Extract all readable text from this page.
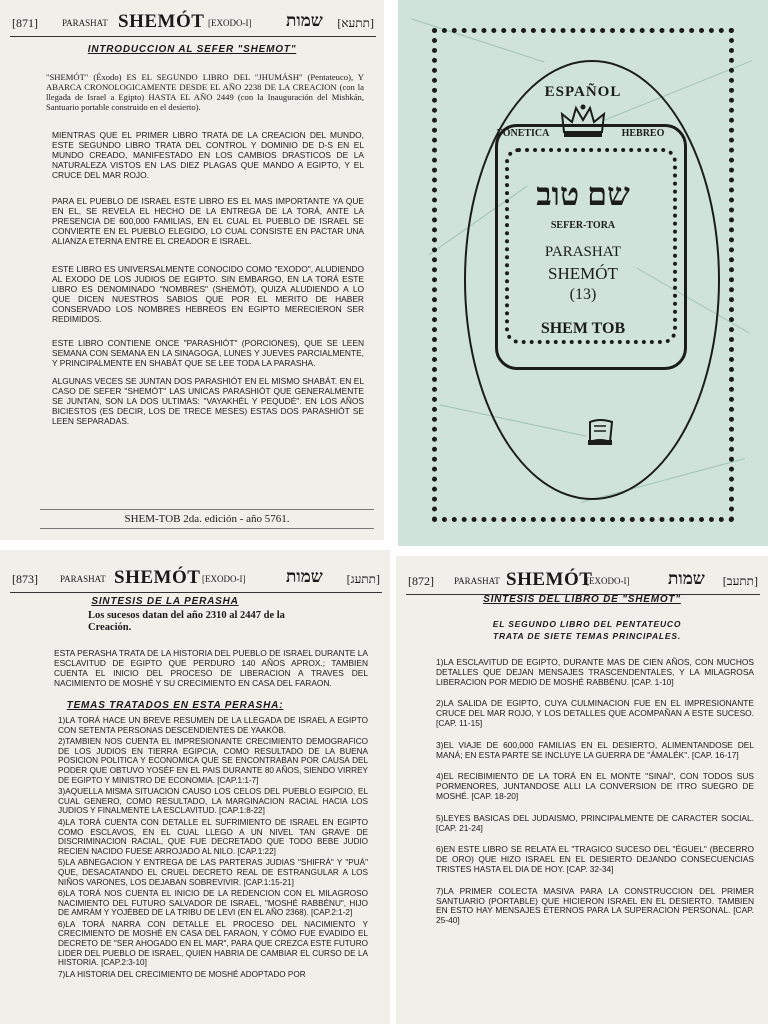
[871]	PARASHAT SHEMÓT [EXODO-I] שמות [תתעא]
INTRODUCCION AL SEFER "SHEMOT"
"SHEMÓT" (Éxodo) ES EL SEGUNDO LIBRO DEL "JHUMÁSH" (Pentateuco), Y ABARCA CRONOLOGICAMENTE DESDE EL AÑO 2238 DE LA CREACION (con la llegada de Israel a Egipto) HASTA EL AÑO 2449 (con la Inauguración del Mishkán, Santuario portable construido en el desierto).
MIENTRAS QUE EL PRIMER LIBRO TRATA DE LA CREACION DEL MUNDO, ESTE SEGUNDO LIBRO TRATA DEL CONTROL Y DOMINIO DE D-S EN EL MUNDO CREADO, MANIFESTADO EN LOS CAMBIOS DRASTICOS DE LA NATURALEZA VISTOS EN LAS DIEZ PLAGAS QUE MANDO A EGIPTO, Y EL CRUCE DEL MAR ROJO.
PARA EL PUEBLO DE ISRAEL ESTE LIBRO ES EL MAS IMPORTANTE YA QUE EN EL, SE REVELA EL HECHO DE LA ENTREGA DE LA TORÁ, ANTE LA PRESENCIA DE 600,000 FAMILIAS, EN EL CUAL EL PUEBLO DE ISRAEL SE CONVIERTE EN EL PUEBLO ELEGIDO, LO CUAL CONSISTE EN PACTAR UNA ALIANZA ETERNA ENTRE EL CREADOR E ISRAEL.
ESTE LIBRO ES UNIVERSALMENTE CONOCIDO COMO "EXODO", ALUDIENDO AL EXODO DE LOS JUDIOS DE EGIPTO. SIN EMBARGO, EN LA TORÁ ESTE LIBRO ES DENOMINADO "NOMBRES" (SHEMÓT), QUIZA ALUDIENDO A LO QUE DICEN NUESTROS SABIOS QUE POR EL MERITO DE HABER CONSERVADO LOS NOMBRES HEBREOS EN EGIPTO MERECIERON SER REDIMIDOS.
ESTE LIBRO CONTIENE ONCE "PARASHIÓT" (PORCIONES), QUE SE LEEN SEMANA CON SEMANA EN LA SINAGOGA, LUNES Y JUEVES PARCIALMENTE, Y PRINCIPALMENTE EN SHABÁT QUE SE LEE TODA LA PARASHA.
ALGUNAS VECES SE JUNTAN DOS PARASHIÓT EN EL MISMO SHABÁT. EN EL CASO DE SEFER "SHEMÓT" LAS UNICAS PARASHIÓT QUE GENERALMENTE SE JUNTAN, SON LA DOS ULTIMAS: "VAYAKHÉL Y PEQUDÉ". EN LOS AÑOS BICIESTOS (ES DECIR, LOS DE TRECE MESES) ESTAS DOS PARASHIÓT SE LEEN SEPARADAS.
SHEM-TOB 2da. edición - año 5761.
ESPAÑOL
FONETICA	HEBREO
שם טוב
SEFER-TORA
PARASHAT
SHEMÓT
(13)
SHEM TOB
[873] PARASHAT SHEMÓT [EXODO-I] שמות [תתעג]
SINTESIS DE LA PERASHA
Los sucesos datan del año 2310 al 2447 de la Creación.
ESTA PERASHA TRATA DE LA HISTORIA DEL PUEBLO DE ISRAEL DURANTE LA ESCLAVITUD DE EGIPTO QUE PERDURO 140 AÑOS APROX.; TAMBIEN CUENTA EL INICIO DEL PROCESO DE LIBERACION A TRAVES DEL NACIMIENTO DE MOSHÉ Y SU CRECIMIENTO EN CASA DEL FARAON.
TEMAS TRATADOS EN ESTA PERASHA:
1)LA TORÁ HACE UN BREVE RESUMEN DE LA LLEGADA DE ISRAEL A EGIPTO CON SETENTA PERSONAS DESCENDIENTES DE YAAKÓB.
2)TAMBIEN NOS CUENTA EL IMPRESIONANTE CRECIMIENTO DEMOGRAFICO DE LOS JUDIOS EN TIERRA EGIPCIA, COMO RESULTADO DE LA BUENA POSICION POLITICA Y ECONOMICA QUE SE ENCONTRABAN POR CAUSA DEL PODER QUE OBTUVO YOSÉF EN EL PAIS DURANTE 80 AÑOS, SIENDO VIRREY DE EGIPTO Y MINISTRO DE ECONOMIA. [CAP.1:1-7]
3)AQUELLA MISMA SITUACION CAUSO LOS CELOS DEL PUEBLO EGIPCIO, EL CUAL GENERO, COMO RESULTADO, LA MARGINACION RACIAL HACIA LOS JUDIOS Y FINALMENTE LA ESCLAVITUD. [CAP.1:8-22]
4)LA TORÁ CUENTA CON DETALLE EL SUFRIMIENTO DE ISRAEL EN EGIPTO COMO ESCLAVOS, EN EL CUAL LLEGO A UN NIVEL TAN GRAVE DE DISCRIMINACION RACIAL, QUE FUE DECRETADO QUE TODO BEBE JUDIO RECIEN NACIDO FUESE ARROJADO AL NILO. [CAP.1:22]
5)LA ABNEGACION Y ENTREGA DE LAS PARTERAS JUDIAS "SHIFRÁ" Y "PUÁ" QUE, DESACATANDO EL CRUEL DECRETO REAL DE ESTRANGULAR A LOS NIÑOS VARONES, LOS DEJABAN SOBREVIVIR. [CAP.1:15-21]
6)LA TORÁ NOS CUENTA EL INICIO DE LA REDENCION CON EL MILAGROSO NACIMIENTO DEL FUTURO SALVADOR DE ISRAEL, "MOSHÉ RABBÉNU", HIJO DE AMRÁM Y YOJÉBED DE LA TRIBU DE LEVI (EN EL AÑO 2368). [CAP.2:1-2]
6)LA TORÁ NARRA CON DETALLE EL PROCESO DEL NACIMIENTO Y CRECIMIENTO DE MOSHÉ EN CASA DEL FARAON, Y CÓMO FUE EVADIDO EL DECRETO DE "SER AHOGADO EN EL MAR", PARA QUE CREZCA ESTE FUTURO LIDER DEL PUEBLO DE ISRAEL, QUIEN HABRIA DE CAMBIAR EL CURSO DE LA HISTORIA. [CAP.2:3-10]
7)LA HISTORIA DEL CRECIMIENTO DE MOSHÉ ADOPTADO POR
[872] PARASHAT SHEMÓT
[EXODO-I] שמות [תתעב]
SINTESIS DEL LIBRO DE "SHEMOT"
EL SEGUNDO LIBRO DEL PENTATEUCO TRATA DE SIETE TEMAS PRINCIPALES.
1)LA ESCLAVITUD DE EGIPTO, DURANTE MAS DE CIEN AÑOS, CON MUCHOS DETALLES QUE DEJAN MENSAJES TRASCENDENTALES, Y LA MILAGROSA LIBERACION POR MEDIO DE MOSHÉ RABBÉNU. [CAP. 1-10]
2)LA SALIDA DE EGIPTO, CUYA CULMINACION FUE EN EL IMPRESIONANTE CRUCE DEL MAR ROJO, Y LOS DETALLES QUE ACOMPAÑAN A ESTE SUCESO. [CAP. 11-15]
3)EL VIAJE DE 600,000 FAMILIAS EN EL DESIERTO, ALIMENTANDOSE DEL MANÁ; EN ESTA PARTE SE INCLUYE LA GUERRA DE "ÁMALÉK". [CAP. 16-17]
4)EL RECIBIMIENTO DE LA TORÁ EN EL MONTE "SINAÍ", CON TODOS SUS PORMENORES, JUNTANDOSE ALLI LA CONVERSION DE ITRO SUEGRO DE MOSHÉ. [CAP. 18-20]
5)LEYES BASICAS DEL JUDAISMO, PRINCIPALMENTE DE CARACTER SOCIAL. [CAP. 21-24]
6)EN ESTE LIBRO SE RELATA EL "TRAGICO SUCESO DEL "ÉGUEL" (BECERRO DE ORO) QUE HIZO ISRAEL EN EL DESIERTO DEJANDO CONSECUENCIAS TRISTES HASTA EL DIA DE HOY. [CAP. 32-34]
7)LA PRIMER COLECTA MASIVA PARA LA CONSTRUCCION DEL PRIMER SANTUARIO (PORTABLE) QUE HICIERON ISRAEL EN EL DESIERTO. TAMBIEN EN ESTO HAY MENSAJES ETERNOS PARA LA SUPERACION PERSONAL. [CAP. 25-40]
